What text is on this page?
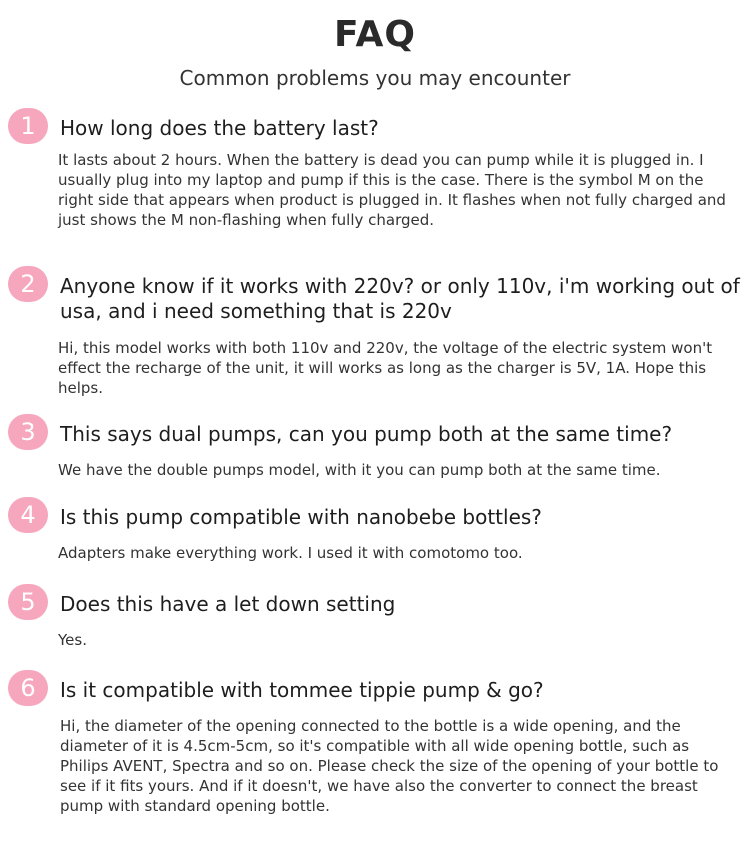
FAQ
Common problems you may encounter
1	How long does the battery last?
It lasts about 2 hours. When the battery is dead you can pump while it is plugged in. I usually plug into my laptop and pump if this is the case. There is the symbol M on the right side that appears when product is plugged in. It flashes when not fully charged and just shows the M non-flashing when fully charged.
2	Anyone know if it works with 220v? or only 110v, i'm working out of usa, and i need something that is 220v
Hi, this model works with both 110v and 220v, the voltage of the electric system won't effect the recharge of the unit, it will works as long as the charger is 5V, 1A. Hope this helps.
3	This says dual pumps, can you pump both at the same time?
We have the double pumps model, with it you can pump both at the same time.
4	Is this pump compatible with nanobebe bottles?
Adapters make everything work. I used it with comotomo too.
5	Does this have a let down setting
Yes.
6	Is it compatible with tommee tippie pump & go?
Hi, the diameter of the opening connected to the bottle is a wide opening, and the diameter of it is 4.5cm-5cm, so it's compatible with all wide opening bottle, such as Philips AVENT, Spectra and so on. Please check the size of the opening of your bottle to see if it fits yours. And if it doesn't, we have also the converter to connect the breast pump with standard opening bottle.
